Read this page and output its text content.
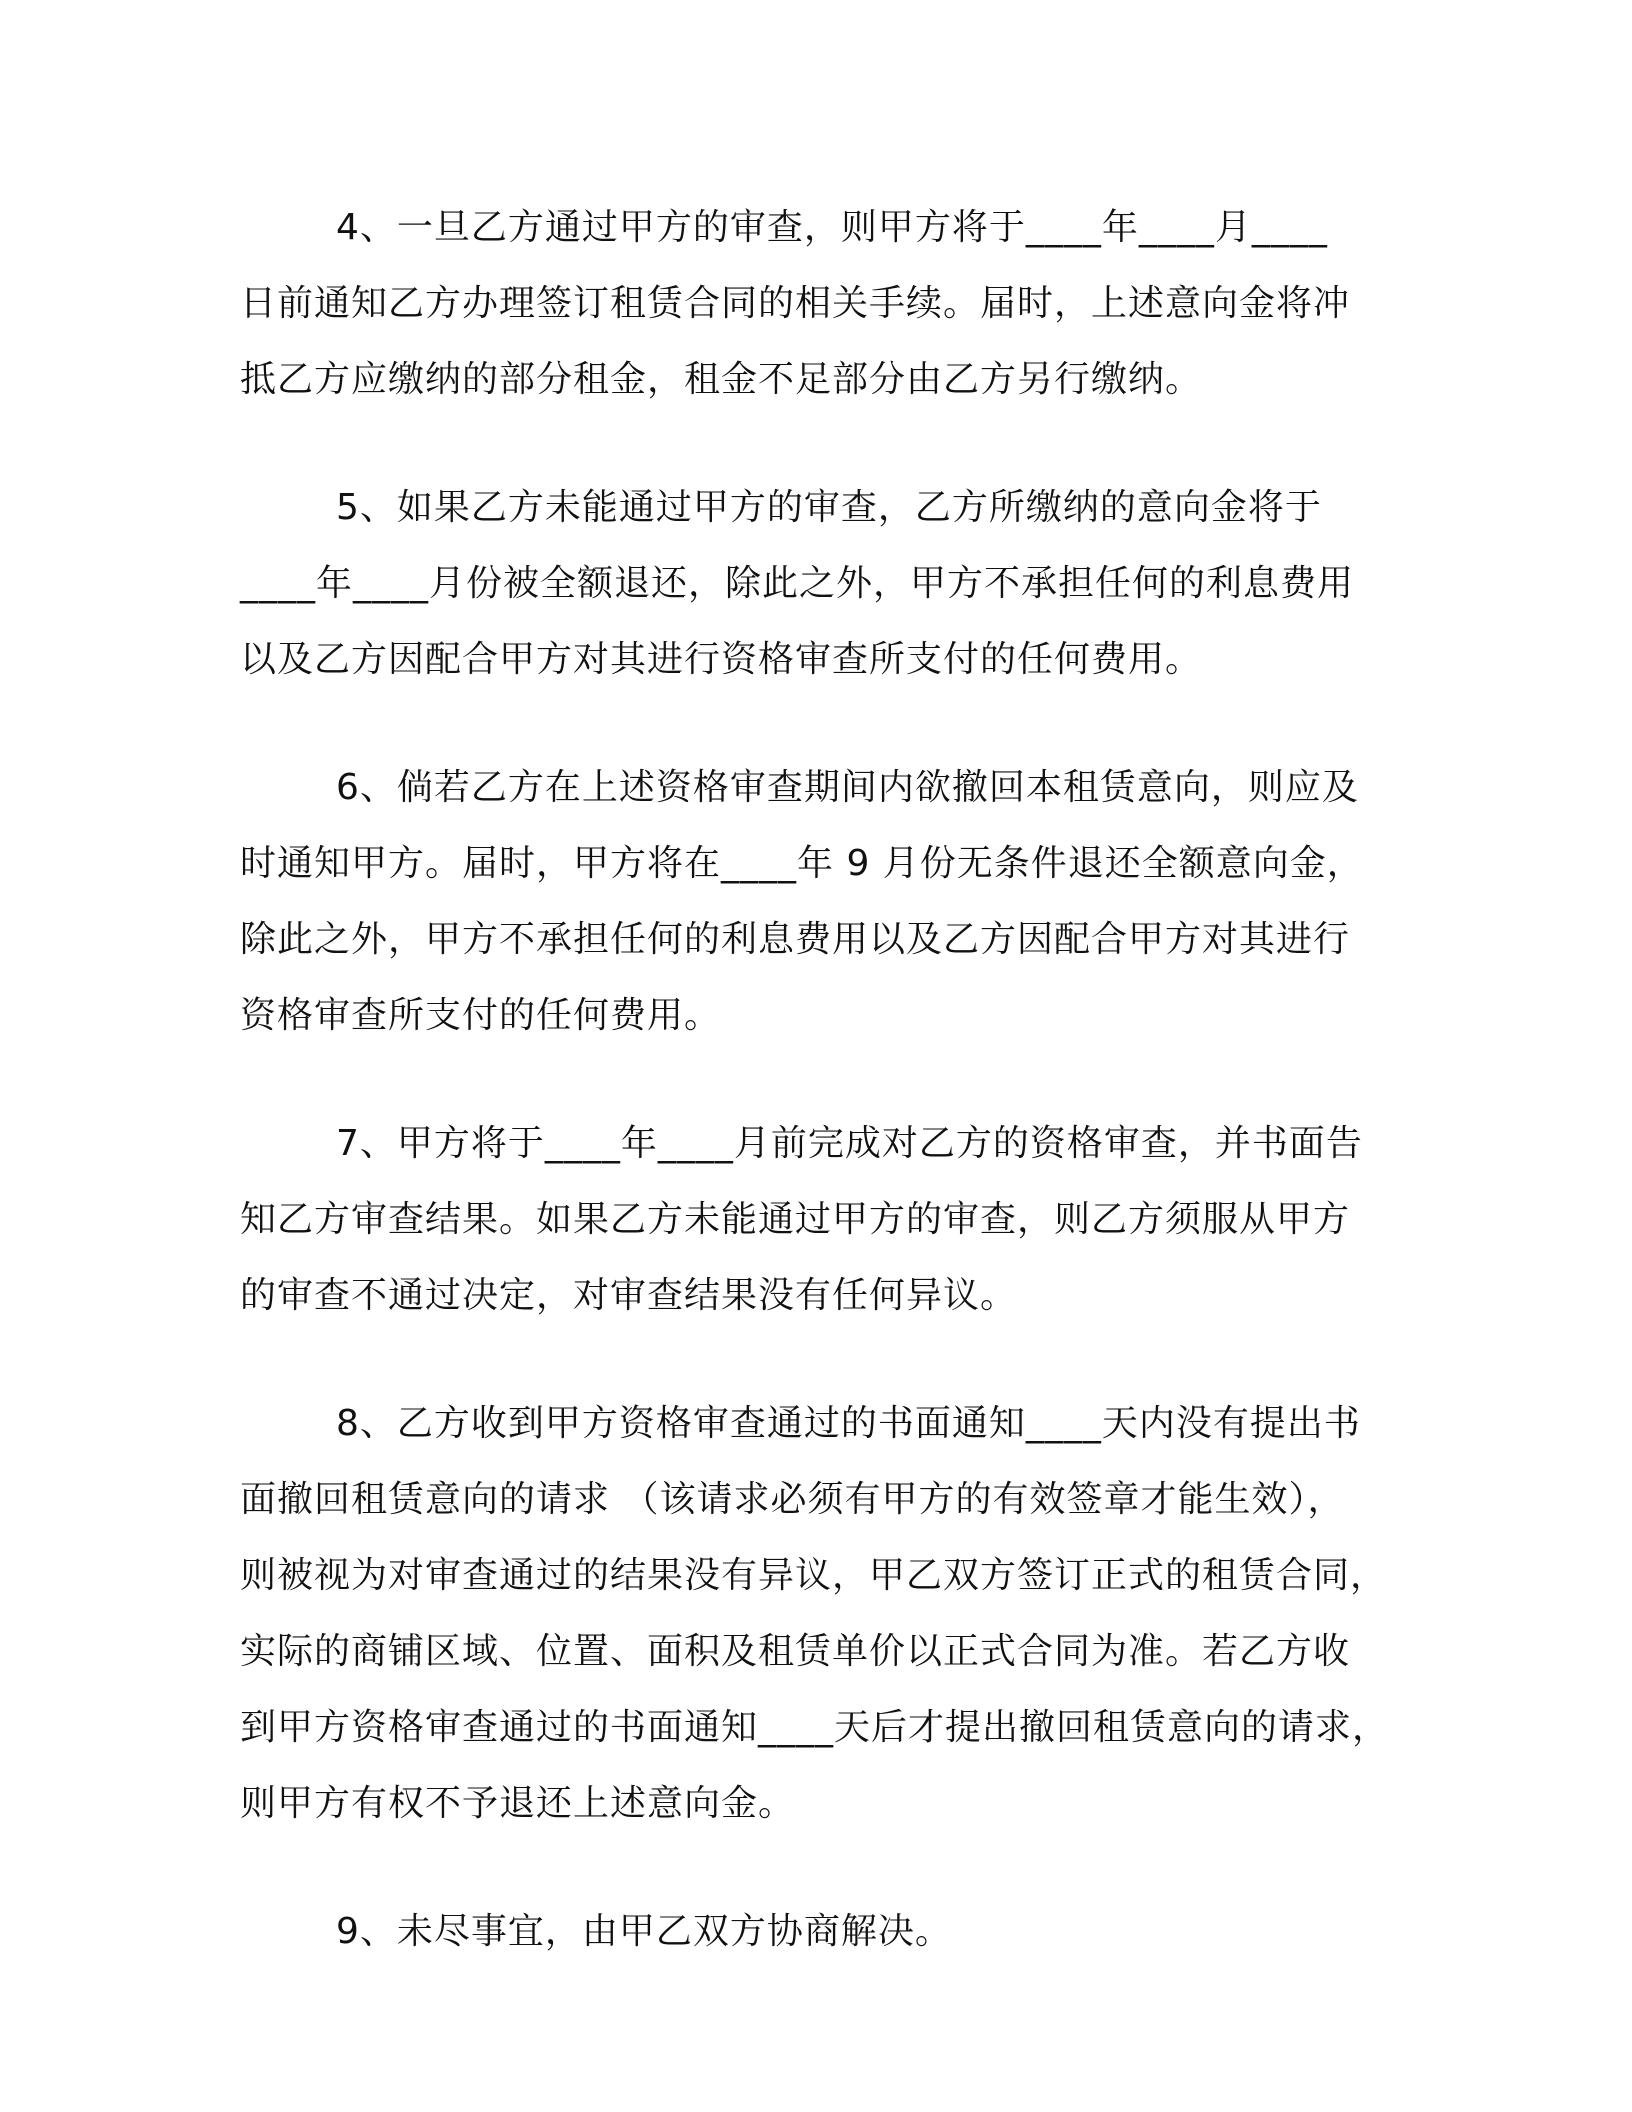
4、一旦乙方通过甲方的审查，则甲方将于____年____月____
日前通知乙方办理签订租赁合同的相关手续。届时，上述意向金将冲
抵乙方应缴纳的部分租金，租金不足部分由乙方另行缴纳。
5、如果乙方未能通过甲方的审查，乙方所缴纳的意向金将于
____年____月份被全额退还，除此之外，甲方不承担任何的利息费用
以及乙方因配合甲方对其进行资格审查所支付的任何费用。
6、倘若乙方在上述资格审查期间内欲撤回本租赁意向，则应及
时通知甲方。届时，甲方将在____年 9 月份无条件退还全额意向金，
除此之外，甲方不承担任何的利息费用以及乙方因配合甲方对其进行
资格审查所支付的任何费用。
7、甲方将于____年____月前完成对乙方的资格审查，并书面告
知乙方审查结果。如果乙方未能通过甲方的审查，则乙方须服从甲方
的审查不通过决定，对审查结果没有任何异议。
8、乙方收到甲方资格审查通过的书面通知____天内没有提出书
面撤回租赁意向的请求 （该请求必须有甲方的有效签章才能生效），
则被视为对审查通过的结果没有异议，甲乙双方签订正式的租赁合同，
实际的商铺区域、位置、面积及租赁单价以正式合同为准。若乙方收
到甲方资格审查通过的书面通知____天后才提出撤回租赁意向的请求，
则甲方有权不予退还上述意向金。
9、未尽事宜，由甲乙双方协商解决。
